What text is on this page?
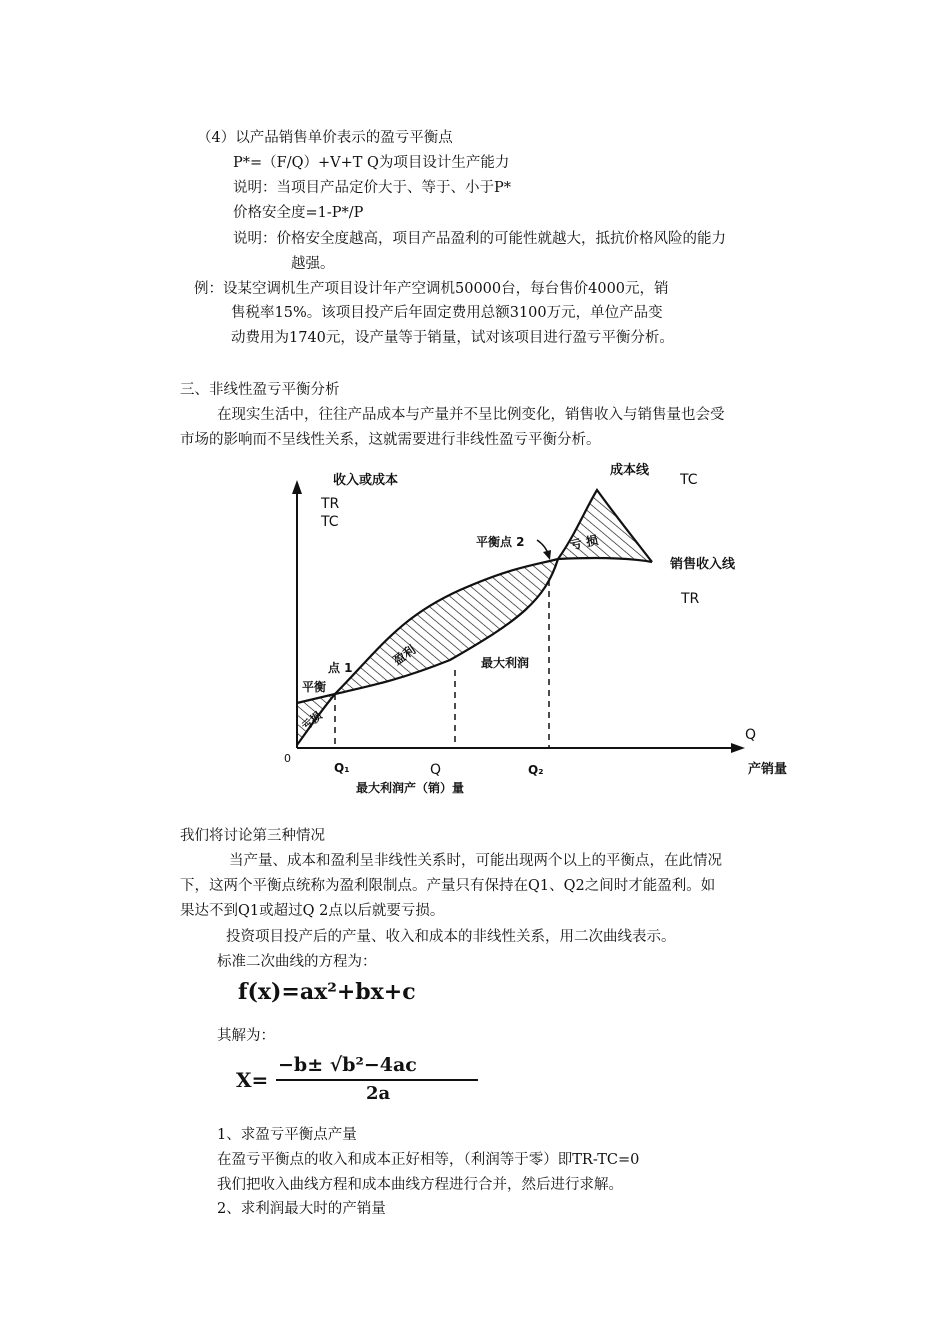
（4）以产品销售单价表示的盈亏平衡点
P*=（F/Q）+V+T Q为项目设计生产能力
说明：当项目产品定价大于、等于、小于P*
价格安全度=1-P*/P
说明：价格安全度越高，项目产品盈利的可能性就越大，抵抗价格风险的能力
越强。
例：设某空调机生产项目设计年产空调机50000台，每台售价4000元，销
售税率15%。该项目投产后年固定费用总额3100万元，单位产品变
动费用为1740元，设产量等于销量，试对该项目进行盈亏平衡分析。
三、非线性盈亏平衡分析
在现实生活中，往往产品成本与产量并不呈比例变化，销售收入与销售量也会受
市场的影响而不呈线性关系，这就需要进行非线性盈亏平衡分析。
收入或成本
TR
TC
成本线
TC
平衡点 2	亏 损
销售收入线
TR
盈利	最大利润
点 1
平衡
亏损
0
Q
产销量
Q₁	Q	Q₂
最大利润产（销）量
我们将讨论第三种情况
当产量、成本和盈利呈非线性关系时，可能出现两个以上的平衡点，在此情况
下，这两个平衡点统称为盈利限制点。产量只有保持在Q1、Q2之间时才能盈利。如
果达不到Q1或超过Q 2点以后就要亏损。
投资项目投产后的产量、收入和成本的非线性关系，用二次曲线表示。
标准二次曲线的方程为：
f(x)=ax²+bx+c
其解为：
X=
−b± √b²−4ac
2a
1、求盈亏平衡点产量
在盈亏平衡点的收入和成本正好相等，（利润等于零）即TR-TC=0
我们把收入曲线方程和成本曲线方程进行合并，然后进行求解。
2、求利润最大时的产销量
